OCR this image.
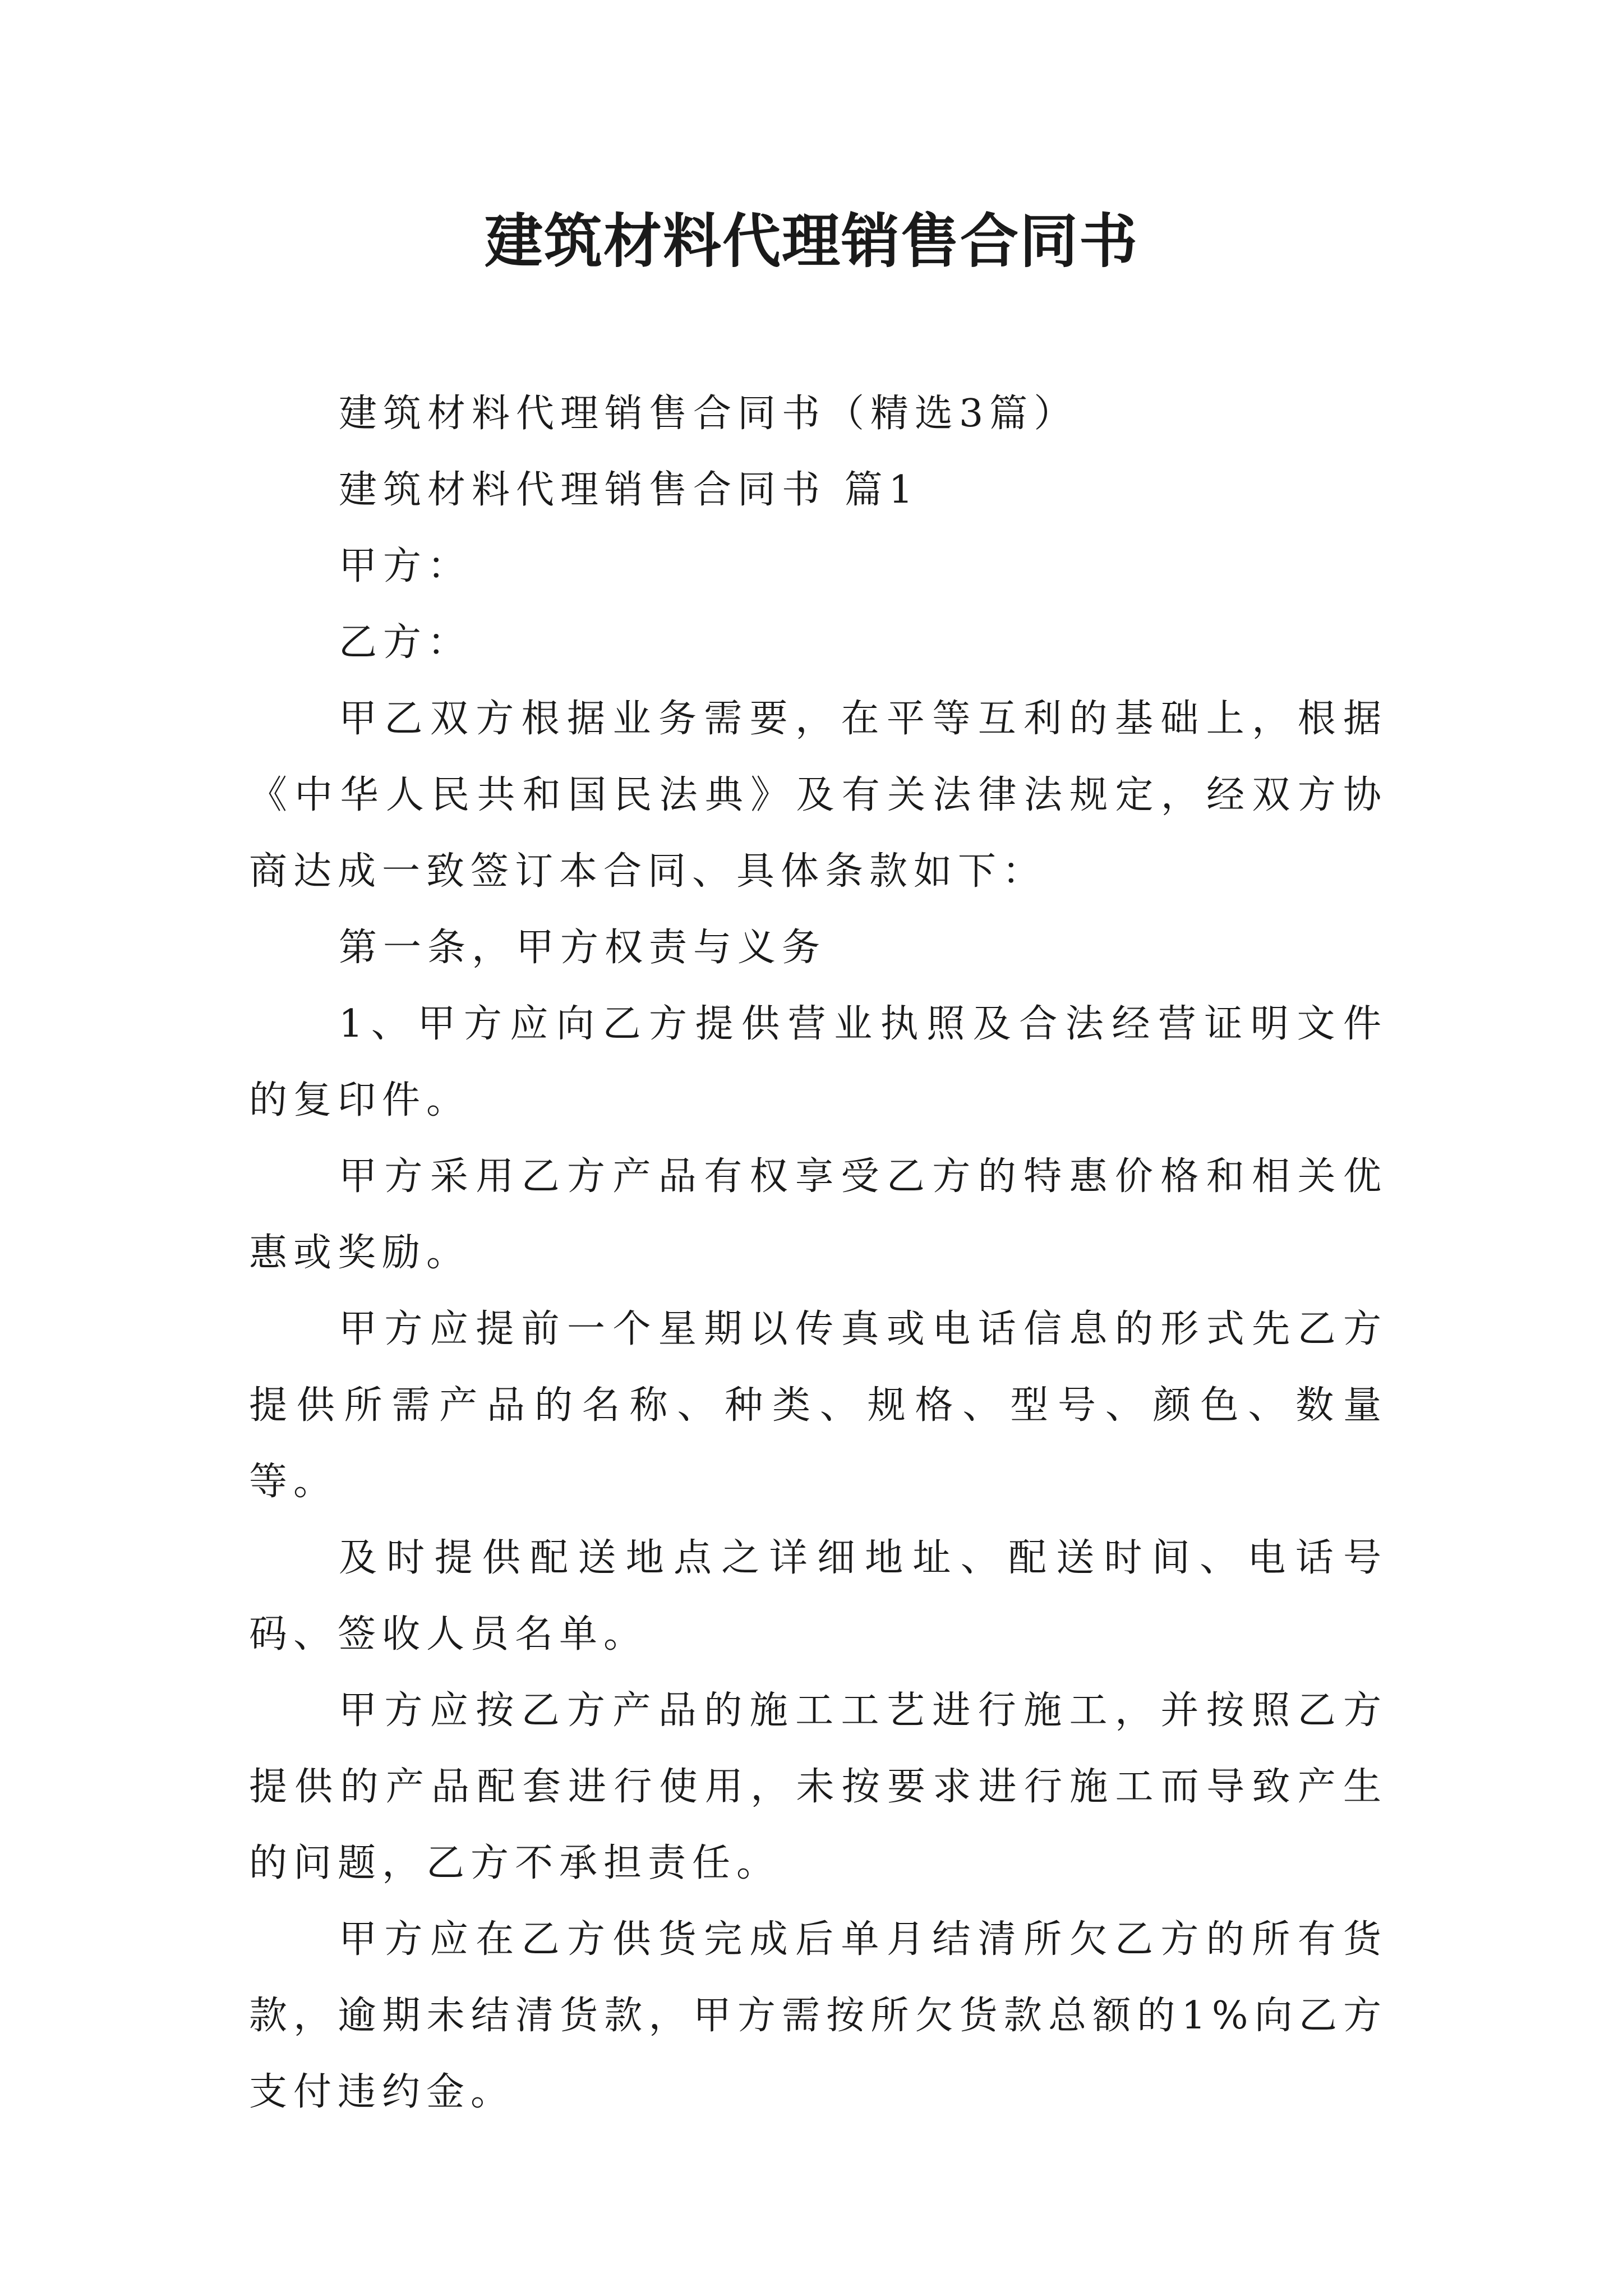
建筑材料代理销售合同书

建筑材料代理销售合同书（精选3篇）

建筑材料代理销售合同书 篇1

甲方：

乙方：

甲乙双方根据业务需要，在平等互利的基础上，根据《中华人民共和国民法典》及有关法律法规定，经双方协商达成一致签订本合同、具体条款如下：

第一条，甲方权责与义务

1、甲方应向乙方提供营业执照及合法经营证明文件的复印件。

甲方采用乙方产品有权享受乙方的特惠价格和相关优惠或奖励。

甲方应提前一个星期以传真或电话信息的形式先乙方提供所需产品的名称、种类、规格、型号、颜色、数量等。

及时提供配送地点之详细地址、配送时间、电话号码、签收人员名单。

甲方应按乙方产品的施工工艺进行施工，并按照乙方提供的产品配套进行使用，未按要求进行施工而导致产生的问题，乙方不承担责任。

甲方应在乙方供货完成后单月结清所欠乙方的所有货款，逾期未结清货款，甲方需按所欠货款总额的1%向乙方支付违约金。
